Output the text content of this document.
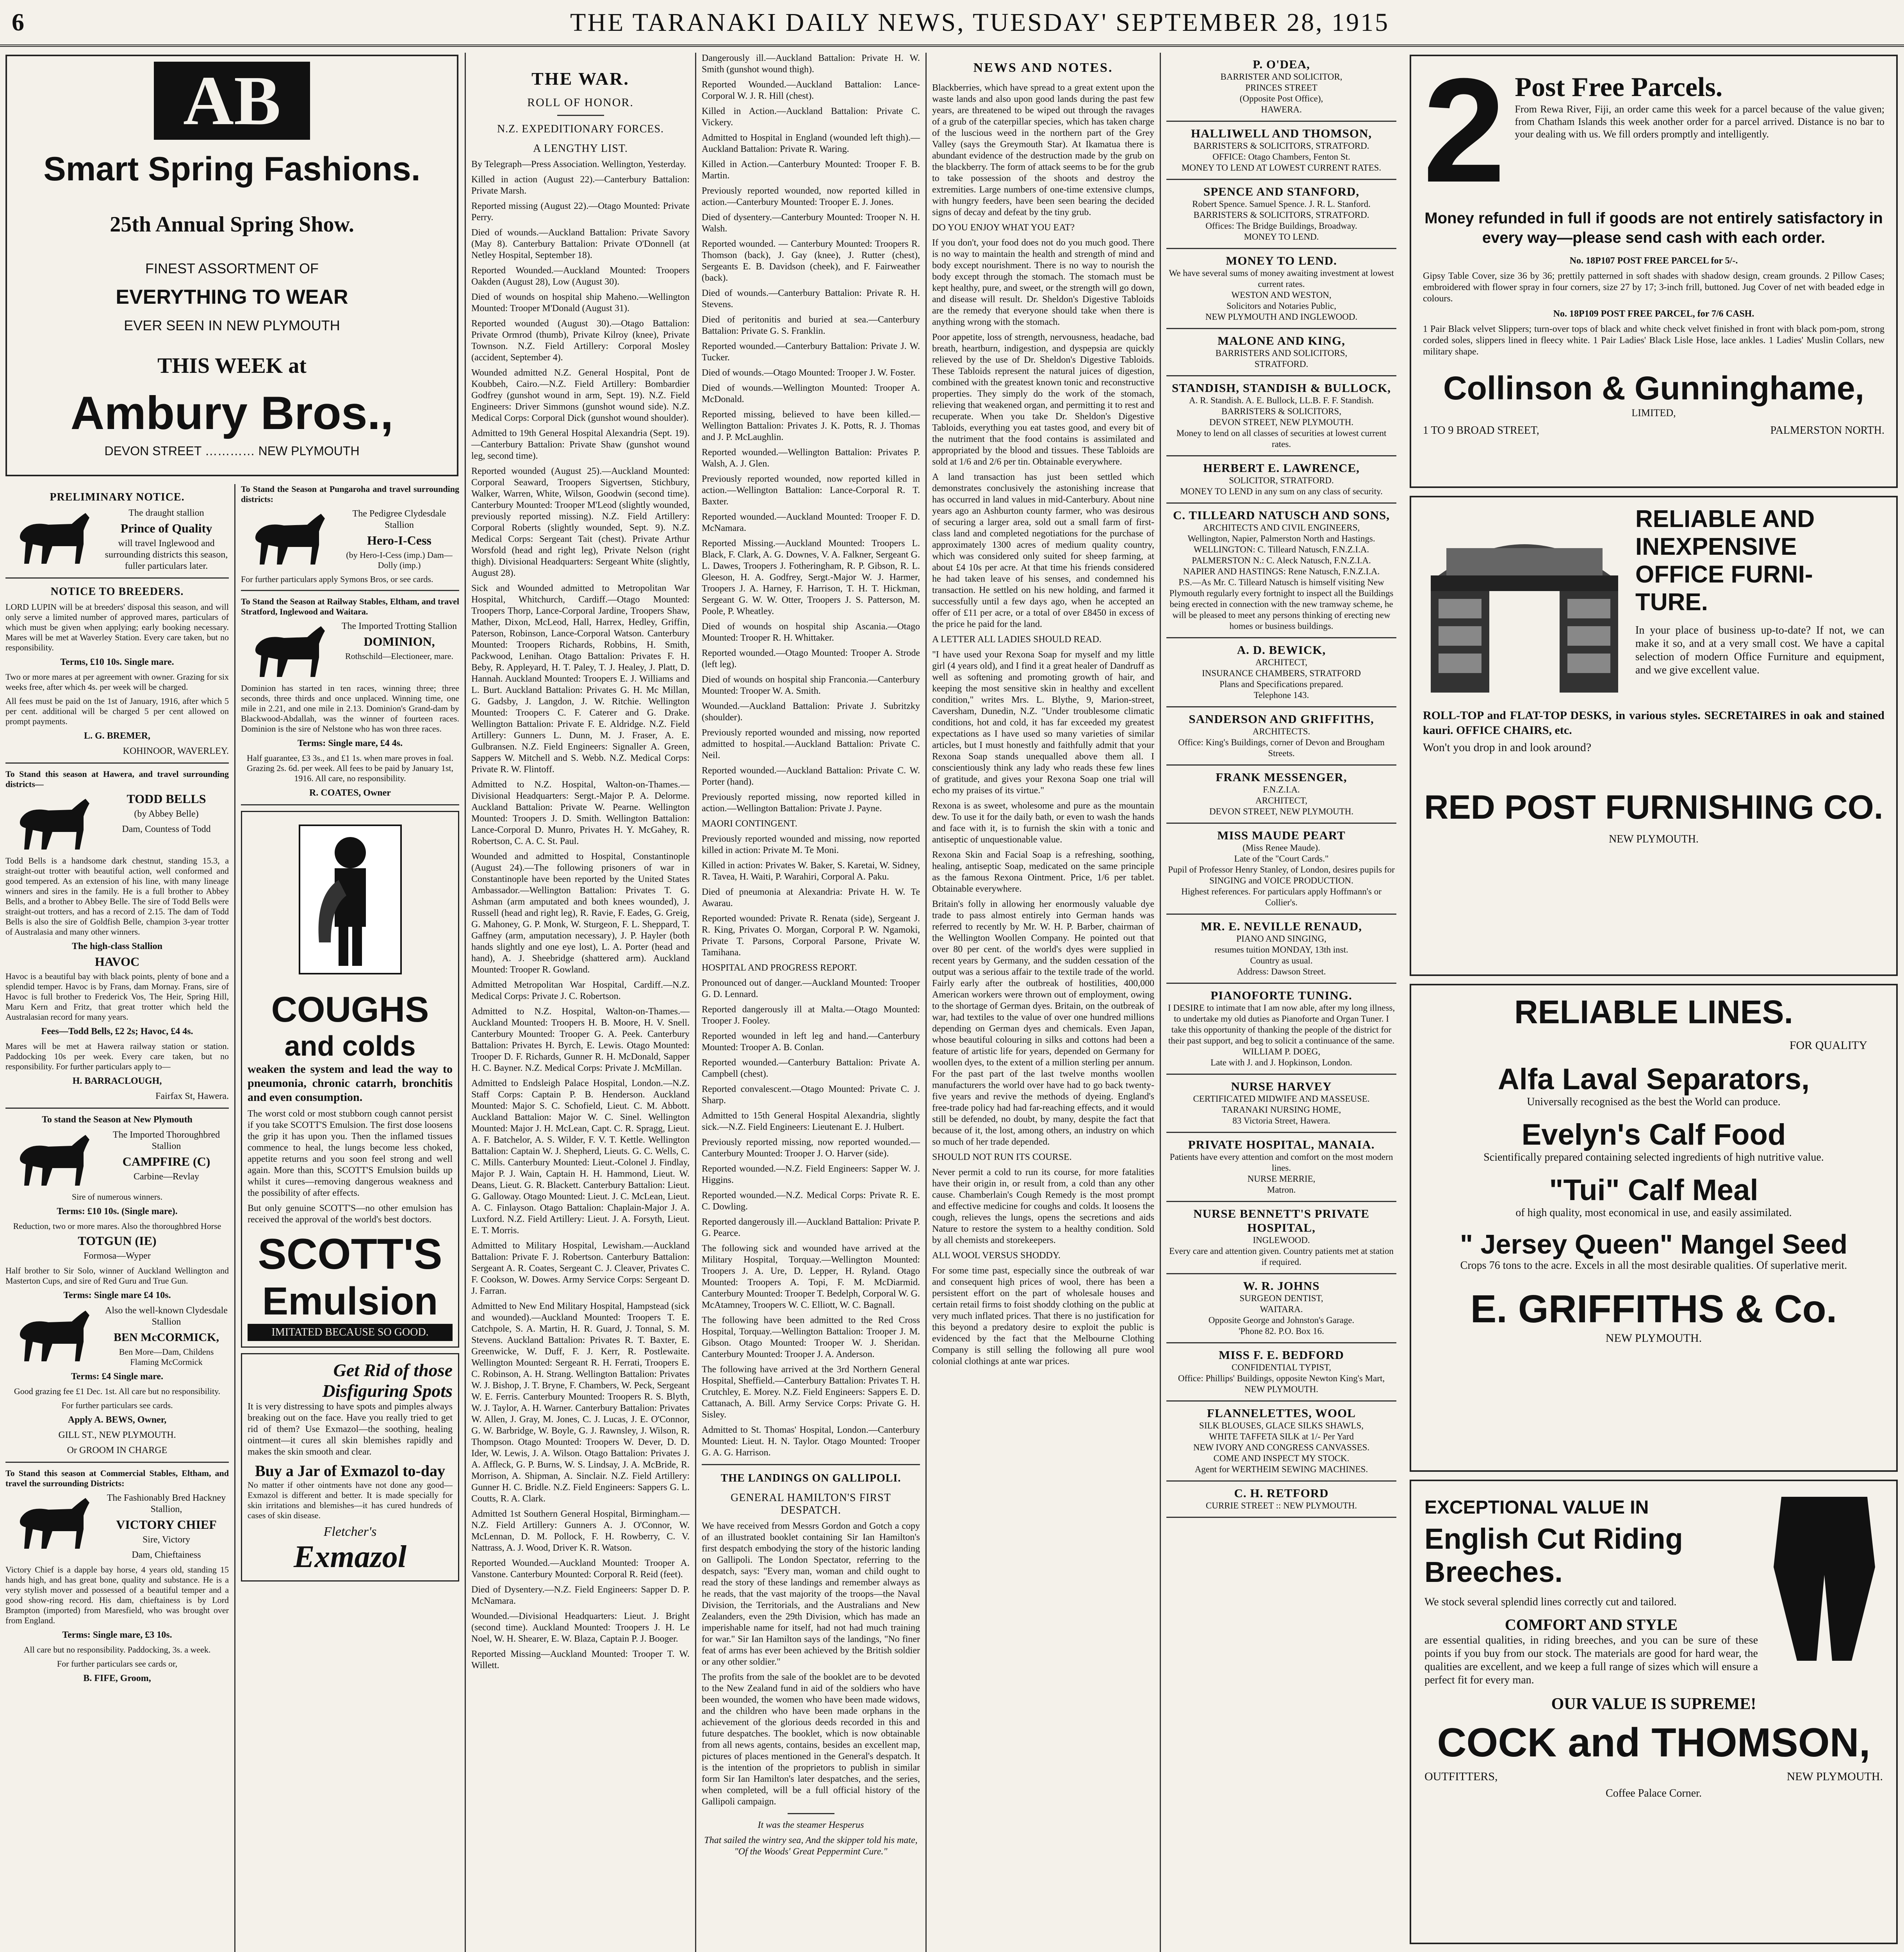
6	THE TARANAKI DAILY NEWS, TUESDAY' SEPTEMBER 28, 1915
AB
Smart Spring Fashions.
25th Annual Spring Show.
FINEST ASSORTMENT OF
EVERYTHING TO WEAR
EVER SEEN IN NEW PLYMOUTH
THIS WEEK at
Ambury Bros.,
DEVON STREET ………… NEW PLYMOUTH
PRELIMINARY NOTICE.

The draught stallion

Prince of Quality

will travel Inglewood and surrounding districts this season, fuller particulars later.

NOTICE TO BREEDERS.

LORD LUPIN will be at breeders' disposal this season, and will only serve a limited number of approved mares, particulars of which must be given when applying; early booking necessary. Mares will be met at Waverley Station. Every care taken, but no responsibility.

Terms, £10 10s. Single mare.

Two or more mares at per agreement with owner. Grazing for six weeks free, after which 4s. per week will be charged.

All fees must be paid on the 1st of January, 1916, after which 5 per cent. additional will be charged 5 per cent allowed on prompt payments.

L. G. BREMER,

KOHINOOR, WAVERLEY.

To Stand this season at Hawera, and travel surrounding districts—

TODD BELLS

(by Abbey Belle)

Dam, Countess of Todd

Todd Bells is a handsome dark chestnut, standing 15.3, a straight-out trotter with beautiful action, well conformed and good tempered. As an extension of his line, with many lineage winners and sires in the family. He is a full brother to Abbey Bells, and a brother to Abbey Belle. The sire of Todd Bells were straight-out trotters, and has a record of 2.15. The dam of Todd Bells is also the sire of Goldfish Belle, champion 3-year trotter of Australasia and many other winners.

The high-class Stallion

HAVOC

Havoc is a beautiful bay with black points, plenty of bone and a splendid temper. Havoc is by Frans, dam Mornay. Frans, sire of Havoc is full brother to Frederick Vos, The Heir, Spring Hill, Maru Kern and Fritz, that great trotter which held the Australasian record for many years.

Fees—Todd Bells, £2 2s; Havoc, £4 4s.

Mares will be met at Hawera railway station or station. Paddocking 10s per week. Every care taken, but no responsibility. For further particulars apply to—

H. BARRACLOUGH,

Fairfax St, Hawera.

To stand the Season at New Plymouth

The Imported Thoroughbred Stallion

CAMPFIRE (C)

Carbine—Revlay

Sire of numerous winners.

Terms: £10 10s. (Single mare).

Reduction, two or more mares. Also the thoroughbred Horse

TOTGUN (IE)

Formosa—Wyper

Half brother to Sir Solo, winner of Auckland Wellington and Masterton Cups, and sire of Red Guru and True Gun.

Terms: Single mare £4 10s.

Also the well-known Clydesdale Stallion

BEN McCORMICK,

Ben More—Dam, Childens Flaming McCormick

Terms: £4 Single mare.

Good grazing fee £1 Dec. 1st. All care but no responsibility.

For further particulars see cards.

Apply A. BEWS, Owner,

GILL ST., NEW PLYMOUTH.

Or GROOM IN CHARGE

To Stand this season at Commercial Stables, Eltham, and travel the surrounding Districts:

The Fashionably Bred Hackney Stallion,

VICTORY CHIEF

Sire, Victory

Dam, Chieftainess

Victory Chief is a dapple bay horse, 4 years old, standing 15 hands high, and has great bone, quality and substance. He is a very stylish mover and possessed of a beautiful temper and a good show-ring record. His dam, chieftainess is by Lord Brampton (imported) from Maresfield, who was brought over from England.

Terms: Single mare, £3 10s.

All care but no responsibility. Paddocking, 3s. a week.

For further particulars see cards or,

B. FIFE, Groom,

To Stand the Season at Pungaroha and travel surrounding districts:

The Pedigree Clydesdale Stallion

Hero-I-Cess

(by Hero-I-Cess (imp.) Dam—Dolly (imp.)

For further particulars apply Symons Bros, or see cards.

To Stand the Season at Railway Stables, Eltham, and travel Stratford, Inglewood and Waitara.

The Imported Trotting Stallion

DOMINION,

Rothschild—Electioneer, mare.

Dominion has started in ten races, winning three; three seconds, three thirds and once unplaced. Winning time, one mile in 2.21, and one mile in 2.13. Dominion's Grand-dam by Blackwood-Abdallah, was the winner of fourteen races. Dominion is the sire of Nelstone who has won three races.

Terms: Single mare, £4 4s.

Half guarantee, £3 3s., and £1 1s. when mare proves in foal. Grazing 2s. 6d. per week. All fees to be paid by January 1st, 1916. All care, no responsibility.

R. COATES, Owner

COUGHS
and colds

weaken the system and lead the way to pneumonia, chronic catarrh, bronchitis and even consumption.

The worst cold or most stubborn cough cannot persist if you take SCOTT'S Emulsion. The first dose loosens the grip it has upon you. Then the inflamed tissues commence to heal, the lungs become less choked, appetite returns and you soon feel strong and well again. More than this, SCOTT'S Emulsion builds up whilst it cures—removing dangerous weakness and the possibility of after effects.

But only genuine SCOTT'S—no other emulsion has received the approval of the world's best doctors.

SCOTT'S
Emulsion
IMITATED BECAUSE SO GOOD.
Get Rid of those Disfiguring Spots

It is very distressing to have spots and pimples always breaking out on the face. Have you really tried to get rid of them? Use Exmazol—the soothing, healing ointment—it cures all skin blemishes rapidly and makes the skin smooth and clear.

Buy a Jar of Exmazol to-day

No matter if other ointments have not done any good—Exmazol is different and better. It is made specially for skin irritations and blemishes—it has cured hundreds of cases of skin disease.

Fletcher's
Exmazol
THE WAR.
ROLL OF HONOR.
N.Z. EXPEDITIONARY FORCES.
A LENGTHY LIST.

By Telegraph—Press Association. Wellington, Yesterday.

Killed in action (August 22).—Canterbury Battalion: Private Marsh.

Reported missing (August 22).—Otago Mounted: Private Perry.

Died of wounds.—Auckland Battalion: Private Savory (May 8). Canterbury Battalion: Private O'Donnell (at Netley Hospital, September 18).

Reported Wounded.—Auckland Mounted: Troopers Oakden (August 28), Low (August 30).

Died of wounds on hospital ship Maheno.—Wellington Mounted: Trooper M'Donald (August 31).

Reported wounded (August 30).—Otago Battalion: Private Ormrod (thumb), Private Kilroy (knee), Private Townson. N.Z. Field Artillery: Corporal Mosley (accident, September 4).

Wounded admitted N.Z. General Hospital, Pont de Koubbeh, Cairo.—N.Z. Field Artillery: Bombardier Godfrey (gunshot wound in arm, Sept. 19). N.Z. Field Engineers: Driver Simmons (gunshot wound side). N.Z. Medical Corps: Corporal Dick (gunshot wound shoulder).

Admitted to 19th General Hospital Alexandria (Sept. 19).—Canterbury Battalion: Private Shaw (gunshot wound leg, second time).

Reported wounded (August 25).—Auckland Mounted: Corporal Seaward, Troopers Sigvertsen, Stichbury, Walker, Warren, White, Wilson, Goodwin (second time). Canterbury Mounted: Trooper M'Leod (slightly wounded, previously reported missing). N.Z. Field Artillery: Corporal Roberts (slightly wounded, Sept. 9). N.Z. Medical Corps: Sergeant Tait (chest). Private Arthur Worsfold (head and right leg), Private Nelson (right thigh). Divisional Headquarters: Sergeant White (slightly, August 28).

Sick and Wounded admitted to Metropolitan War Hospital, Whitchurch, Cardiff.—Otago Mounted: Troopers Thorp, Lance-Corporal Jardine, Troopers Shaw, Mather, Dixon, McLeod, Hall, Harrex, Hedley, Griffin, Paterson, Robinson, Lance-Corporal Watson. Canterbury Mounted: Troopers Richards, Robbins, H. Smith, Packwood, Lenihan. Otago Battalion: Privates F. H. Beby, R. Appleyard, H. T. Paley, T. J. Healey, J. Platt, D. Hannah. Auckland Mounted: Troopers E. J. Williams and L. Burt. Auckland Battalion: Privates G. H. Mc Millan, G. Gadsby, J. Langdon, J. W. Ritchie. Wellington Mounted: Troopers C. F. Caterer and G. Drake. Wellington Battalion: Private F. E. Aldridge. N.Z. Field Artillery: Gunners L. Dunn, M. J. Fraser, A. E. Gulbransen. N.Z. Field Engineers: Signaller A. Green, Sappers W. Mitchell and S. Webb. N.Z. Medical Corps: Private R. W. Flintoff.

Admitted to N.Z. Hospital, Walton-on-Thames.—Divisional Headquarters: Sergt.-Major P. A. Delorme. Auckland Battalion: Private W. Pearne. Wellington Mounted: Troopers J. D. Smith. Wellington Battalion: Lance-Corporal D. Munro, Privates H. Y. McGahey, R. Robertson, C. A. C. St. Paul.

Wounded and admitted to Hospital, Constantinople (August 24).—The following prisoners of war in Constantinople have been reported by the United States Ambassador.—Wellington Battalion: Privates T. G. Ashman (arm amputated and both knees wounded), J. Russell (head and right leg), R. Ravie, F. Eades, G. Greig, G. Mahoney, G. P. Monk, W. Sturgeon, F. L. Sheppard, T. Gaffney (arm, amputation necessary), J. P. Hayler (both hands slightly and one eye lost), L. A. Porter (head and hand), A. J. Sheebridge (shattered arm). Auckland Mounted: Trooper R. Gowland.

Admitted Metropolitan War Hospital, Cardiff.—N.Z. Medical Corps: Private J. C. Robertson.

Admitted to N.Z. Hospital, Walton-on-Thames.—Auckland Mounted: Troopers H. B. Moore, H. V. Snell. Canterbury Mounted: Trooper G. A. Peek. Canterbury Battalion: Privates H. Byrch, E. Lewis. Otago Mounted: Trooper D. F. Richards, Gunner R. H. McDonald, Sapper H. C. Bayner. N.Z. Medical Corps: Private J. McMillan.

Admitted to Endsleigh Palace Hospital, London.—N.Z. Staff Corps: Captain P. B. Henderson. Auckland Mounted: Major S. C. Schofield, Lieut. C. M. Abbott. Auckland Battalion: Major W. C. Sinel. Wellington Mounted: Major J. H. McLean, Capt. C. R. Spragg, Lieut. A. F. Batchelor, A. S. Wilder, F. V. T. Kettle. Wellington Battalion: Captain W. J. Shepherd, Lieuts. G. C. Wells, C. C. Mills. Canterbury Mounted: Lieut.-Colonel J. Findlay, Major P. J. Wain, Captain H. H. Hammond, Lieut. W. Deans, Lieut. G. R. Blackett. Canterbury Battalion: Lieut. G. Galloway. Otago Mounted: Lieut. J. C. McLean, Lieut. A. C. Finlayson. Otago Battalion: Chaplain-Major J. A. Luxford. N.Z. Field Artillery: Lieut. J. A. Forsyth, Lieut. E. T. Morris.

Admitted to Military Hospital, Lewisham.—Auckland Battalion: Private F. J. Robertson. Canterbury Battalion: Sergeant A. R. Coates, Sergeant C. J. Cleaver, Privates C. F. Cookson, W. Dowes. Army Service Corps: Sergeant D. J. Farran.

Admitted to New End Military Hospital, Hampstead (sick and wounded).—Auckland Mounted: Troopers T. E. Catchpole, S. A. Martin, H. R. Guard, J. Tonnal, S. M. Stevens. Auckland Battalion: Privates R. T. Baxter, E. Greenwicke, W. Duff, F. J. Kerr, R. Postlewaite. Wellington Mounted: Sergeant R. H. Ferrati, Troopers E. C. Robinson, A. H. Strang. Wellington Battalion: Privates W. J. Bishop, J. T. Bryne, F. Chambers, W. Peck, Sergeant W. E. Ferris. Canterbury Mounted: Troopers R. S. Blyth, W. J. Taylor, A. H. Warner. Canterbury Battalion: Privates W. Allen, J. Gray, M. Jones, C. J. Lucas, J. E. O'Connor, G. W. Barbridge, W. Boyle, G. J. Rawnsley, J. Wilson, R. Thompson. Otago Mounted: Troopers W. Dever, D. D. Ider, W. Lewis, J. A. Wilson. Otago Battalion: Privates J. A. Affleck, G. P. Burns, W. S. Lindsay, J. A. McBride, R. Morrison, A. Shipman, A. Sinclair. N.Z. Field Artillery: Gunner H. C. Bridle. N.Z. Field Engineers: Sappers G. L. Coutts, R. A. Clark.

Admitted 1st Southern General Hospital, Birmingham.—N.Z. Field Artillery: Gunners A. J. O'Connor, W. McLennan, D. M. Pollock, F. H. Rowberry, C. V. Nattrass, A. J. Wood, Driver K. R. Watson.

Reported Wounded.—Auckland Mounted: Trooper A. Vanstone. Canterbury Mounted: Corporal R. Reid (feet).

Died of Dysentery.—N.Z. Field Engineers: Sapper D. P. McNamara.

Wounded.—Divisional Headquarters: Lieut. J. Bright (second time). Auckland Mounted: Troopers J. H. Le Noel, W. H. Shearer, E. W. Blaza, Captain P. J. Booger.

Reported Missing—Auckland Mounted: Trooper T. W. Willett.

Dangerously ill.—Auckland Battalion: Private H. W. Smith (gunshot wound thigh).

Reported Wounded.—Auckland Battalion: Lance-Corporal W. J. R. Hill (chest).

Killed in Action.—Auckland Battalion: Private C. Vickery.

Admitted to Hospital in England (wounded left thigh).—Auckland Battalion: Private R. Waring.

Killed in Action.—Canterbury Mounted: Trooper F. B. Martin.

Previously reported wounded, now reported killed in action.—Canterbury Mounted: Trooper E. J. Jones.

Died of dysentery.—Canterbury Mounted: Trooper N. H. Walsh.

Reported wounded. — Canterbury Mounted: Troopers R. Thomson (back), J. Gay (knee), J. Rutter (chest), Sergeants E. B. Davidson (cheek), and F. Fairweather (back).

Died of wounds.—Canterbury Battalion: Private R. H. Stevens.

Died of peritonitis and buried at sea.—Canterbury Battalion: Private G. S. Franklin.

Reported wounded.—Canterbury Battalion: Private J. W. Tucker.

Died of wounds.—Otago Mounted: Trooper J. W. Foster.

Died of wounds.—Wellington Mounted: Trooper A. McDonald.

Reported missing, believed to have been killed.—Wellington Battalion: Privates J. K. Potts, R. J. Thomas and J. P. McLaughlin.

Reported wounded.—Wellington Battalion: Privates P. Walsh, A. J. Glen.

Previously reported wounded, now reported killed in action.—Wellington Battalion: Lance-Corporal R. T. Baxter.

Reported wounded.—Auckland Mounted: Trooper F. D. McNamara.

Reported Missing.—Auckland Mounted: Troopers L. Black, F. Clark, A. G. Downes, V. A. Falkner, Sergeant G. L. Dawes, Troopers J. Fotheringham, R. P. Gibson, R. L. Gleeson, H. A. Godfrey, Sergt.-Major W. J. Harmer, Troopers J. A. Harney, F. Harrison, T. H. T. Hickman, Sergeant G. W. W. Otter, Troopers J. S. Patterson, M. Poole, P. Wheatley.

Died of wounds on hospital ship Ascania.—Otago Mounted: Trooper R. H. Whittaker.

Reported wounded.—Otago Mounted: Trooper A. Strode (left leg).

Died of wounds on hospital ship Franconia.—Canterbury Mounted: Trooper W. A. Smith.

Wounded.—Auckland Battalion: Private J. Subritzky (shoulder).

Previously reported wounded and missing, now reported admitted to hospital.—Auckland Battalion: Private C. Neil.

Reported wounded.—Auckland Battalion: Private C. W. Porter (hand).

Previously reported missing, now reported killed in action.—Wellington Battalion: Private J. Payne.

MAORI CONTINGENT.

Previously reported wounded and missing, now reported killed in action: Private M. Te Moni.

Killed in action: Privates W. Baker, S. Karetai, W. Sidney, R. Tavea, H. Waiti, P. Warahiri, Corporal A. Paku.

Died of pneumonia at Alexandria: Private H. W. Te Awarau.

Reported wounded: Private R. Renata (side), Sergeant J. R. King, Privates O. Morgan, Corporal P. W. Ngamoki, Private T. Parsons, Corporal Parsone, Private W. Tamihana.

HOSPITAL AND PROGRESS REPORT.

Pronounced out of danger.—Auckland Mounted: Trooper G. D. Lennard.

Reported dangerously ill at Malta.—Otago Mounted: Trooper J. Fooley.

Reported wounded in left leg and hand.—Canterbury Mounted: Trooper A. B. Conlan.

Reported wounded.—Canterbury Battalion: Private A. Campbell (chest).

Reported convalescent.—Otago Mounted: Private C. J. Sharp.

Admitted to 15th General Hospital Alexandria, slightly sick.—N.Z. Field Engineers: Lieutenant E. J. Hulbert.

Previously reported missing, now reported wounded.—Canterbury Mounted: Trooper J. O. Harver (side).

Reported wounded.—N.Z. Field Engineers: Sapper W. J. Higgins.

Reported wounded.—N.Z. Medical Corps: Private R. E. C. Dowling.

Reported dangerously ill.—Auckland Battalion: Private P. G. Pearce.

The following sick and wounded have arrived at the Military Hospital, Torquay.—Wellington Mounted: Troopers J. A. Ure, D. Lepper, H. Ryland. Otago Mounted: Troopers A. Topi, F. M. McDiarmid. Canterbury Mounted: Trooper T. Bedelph, Corporal W. G. McAtamney, Troopers W. C. Elliott, W. C. Bagnall.

The following have been admitted to the Red Cross Hospital, Torquay.—Wellington Battalion: Trooper J. M. Gibson. Otago Mounted: Trooper W. J. Sheridan. Canterbury Mounted: Trooper J. A. Anderson.

The following have arrived at the 3rd Northern General Hospital, Sheffield.—Canterbury Battalion: Privates T. H. Crutchley, E. Morey. N.Z. Field Engineers: Sappers E. D. Cattanach, A. Bill. Army Service Corps: Private G. H. Sisley.

Admitted to St. Thomas' Hospital, London.—Canterbury Mounted: Lieut. H. N. Taylor. Otago Mounted: Trooper G. A. G. Harrison.

THE LANDINGS ON GALLIPOLI.
GENERAL HAMILTON'S FIRST DESPATCH.

We have received from Messrs Gordon and Gotch a copy of an illustrated booklet containing Sir Ian Hamilton's first despatch embodying the story of the historic landing on Gallipoli. The London Spectator, referring to the despatch, says: "Every man, woman and child ought to read the story of these landings and remember always as he reads, that the vast majority of the troops—the Naval Division, the Territorials, and the Australians and New Zealanders, even the 29th Division, which has made an imperishable name for itself, had not had much training for war." Sir Ian Hamilton says of the landings, "No finer feat of arms has ever been achieved by the British soldier or any other soldier."

The profits from the sale of the booklet are to be devoted to the New Zealand fund in aid of the soldiers who have been wounded, the women who have been made widows, and the children who have been made orphans in the achievement of the glorious deeds recorded in this and future despatches. The booklet, which is now obtainable from all news agents, contains, besides an excellent map, pictures of places mentioned in the General's despatch. It is the intention of the proprietors to publish in similar form Sir Ian Hamilton's later despatches, and the series, when completed, will be a full official history of the Gallipoli campaign.

It was the steamer Hesperus

That sailed the wintry sea, And the skipper told his mate, "Of the Woods' Great Peppermint Cure."

NEWS AND NOTES.

Blackberries, which have spread to a great extent upon the waste lands and also upon good lands during the past few years, are threatened to be wiped out through the ravages of a grub of the caterpillar species, which has taken charge of the luscious weed in the northern part of the Grey Valley (says the Greymouth Star). At Ikamatua there is abundant evidence of the destruction made by the grub on the blackberry. The form of attack seems to be for the grub to take possession of the shoots and destroy the extremities. Large numbers of one-time extensive clumps, with hungry feeders, have been seen bearing the decided signs of decay and defeat by the tiny grub.

DO YOU ENJOY WHAT YOU EAT?

If you don't, your food does not do you much good. There is no way to maintain the health and strength of mind and body except nourishment. There is no way to nourish the body except through the stomach. The stomach must be kept healthy, pure, and sweet, or the strength will go down, and disease will result. Dr. Sheldon's Digestive Tabloids are the remedy that everyone should take when there is anything wrong with the stomach.

Poor appetite, loss of strength, nervousness, headache, bad breath, heartburn, indigestion, and dyspepsia are quickly relieved by the use of Dr. Sheldon's Digestive Tabloids. These Tabloids represent the natural juices of digestion, combined with the greatest known tonic and reconstructive properties. They simply do the work of the stomach, relieving that weakened organ, and permitting it to rest and recuperate. When you take Dr. Sheldon's Digestive Tabloids, everything you eat tastes good, and every bit of the nutriment that the food contains is assimilated and appropriated by the blood and tissues. These Tabloids are sold at 1/6 and 2/6 per tin. Obtainable everywhere.

A land transaction has just been settled which demonstrates conclusively the astonishing increase that has occurred in land values in mid-Canterbury. About nine years ago an Ashburton county farmer, who was desirous of securing a larger area, sold out a small farm of first-class land and completed negotiations for the purchase of approximately 1300 acres of medium quality country, which was considered only suited for sheep farming, at about £4 10s per acre. At that time his friends considered he had taken leave of his senses, and condemned his transaction. He settled on his new holding, and farmed it successfully until a few days ago, when he accepted an offer of £11 per acre, or a total of over £8450 in excess of the price he paid for the land.

A LETTER ALL LADIES SHOULD READ.

"I have used your Rexona Soap for myself and my little girl (4 years old), and I find it a great healer of Dandruff as well as softening and promoting growth of hair, and keeping the most sensitive skin in healthy and excellent condition," writes Mrs. L. Blythe, 9, Marion-street, Caversham, Dunedin, N.Z. "Under troublesome climatic conditions, hot and cold, it has far exceeded my greatest expectations as I have used so many varieties of similar articles, but I must honestly and faithfully admit that your Rexona Soap stands unequalled above them all. I conscientiously think any lady who reads these few lines of gratitude, and gives your Rexona Soap one trial will echo my praises of its virtue."

Rexona is as sweet, wholesome and pure as the mountain dew. To use it for the daily bath, or even to wash the hands and face with it, is to furnish the skin with a tonic and antiseptic of unquestionable value.

Rexona Skin and Facial Soap is a refreshing, soothing, healing, antiseptic Soap, medicated on the same principle as the famous Rexona Ointment. Price, 1/6 per tablet. Obtainable everywhere.

Britain's folly in allowing her enormously valuable dye trade to pass almost entirely into German hands was referred to recently by Mr. W. H. P. Barber, chairman of the Wellington Woollen Company. He pointed out that over 80 per cent. of the world's dyes were supplied in recent years by Germany, and the sudden cessation of the output was a serious affair to the textile trade of the world. Fairly early after the outbreak of hostilities, 400,000 American workers were thrown out of employment, owing to the shortage of German dyes. Britain, on the outbreak of war, had textiles to the value of over one hundred millions depending on German dyes and chemicals. Even Japan, whose beautiful colouring in silks and cottons had been a feature of artistic life for years, depended on Germany for woollen dyes, to the extent of a million sterling per annum. For the past part of the last twelve months woollen manufacturers the world over have had to go back twenty-five years and revive the methods of dyeing. England's free-trade policy had had far-reaching effects, and it would still be defended, no doubt, by many, despite the fact that because of it, the lost, among others, an industry on which so much of her trade depended.

SHOULD NOT RUN ITS COURSE.

Never permit a cold to run its course, for more fatalities have their origin in, or result from, a cold than any other cause. Chamberlain's Cough Remedy is the most prompt and effective medicine for coughs and colds. It loosens the cough, relieves the lungs, opens the secretions and aids Nature to restore the system to a healthy condition. Sold by all chemists and storekeepers.

ALL WOOL VERSUS SHODDY.

For some time past, especially since the outbreak of war and consequent high prices of wool, there has been a persistent effort on the part of wholesale houses and certain retail firms to foist shoddy clothing on the public at very much inflated prices. That there is no justification for this beyond a predatory desire to exploit the public is evidenced by the fact that the Melbourne Clothing Company is still selling the following all pure wool colonial clothings at ante war prices.

P. O'DEA,
BARRISTER AND SOLICITOR,
PRINCES STREET
(Opposite Post Office),
HAWERA.
HALLIWELL AND THOMSON,
BARRISTERS & SOLICITORS, STRATFORD.
OFFICE: Otago Chambers, Fenton St.
MONEY TO LEND AT LOWEST CURRENT RATES.
SPENCE AND STANFORD,
Robert Spence. Samuel Spence. J. R. L. Stanford.
BARRISTERS & SOLICITORS, STRATFORD.
Offices: The Bridge Buildings, Broadway.
MONEY TO LEND.
MONEY TO LEND.
We have several sums of money awaiting investment at lowest current rates.
WESTON AND WESTON,
Solicitors and Notaries Public,
NEW PLYMOUTH AND INGLEWOOD.
MALONE AND KING,
BARRISTERS AND SOLICITORS,
STRATFORD.
STANDISH, STANDISH & BULLOCK,
A. R. Standish. A. E. Bullock, LL.B. F. F. Standish.
BARRISTERS & SOLICITORS,
DEVON STREET, NEW PLYMOUTH.
Money to lend on all classes of securities at lowest current rates.
HERBERT E. LAWRENCE,
SOLICITOR, STRATFORD.
MONEY TO LEND in any sum on any class of security.
C. TILLEARD NATUSCH AND SONS,
ARCHITECTS AND CIVIL ENGINEERS,
Wellington, Napier, Palmerston North and Hastings.
WELLINGTON: C. Tilleard Natusch, F.N.Z.I.A.
PALMERSTON N.: C. Aleck Natusch, F.N.Z.I.A.
NAPIER AND HASTINGS: Rene Natusch, F.N.Z.I.A.
P.S.—As Mr. C. Tilleard Natusch is himself visiting New Plymouth regularly every fortnight to inspect all the Buildings being erected in connection with the new tramway scheme, he will be pleased to meet any persons thinking of erecting new homes or business buildings.
A. D. BEWICK,
ARCHITECT,
INSURANCE CHAMBERS, STRATFORD
Plans and Specifications prepared.
Telephone 143.
SANDERSON AND GRIFFITHS,
ARCHITECTS.
Office: King's Buildings, corner of Devon and Brougham Streets.
FRANK MESSENGER,
F.N.Z.I.A.
ARCHITECT,
DEVON STREET, NEW PLYMOUTH.
MISS MAUDE PEART
(Miss Renee Maude).
Late of the "Court Cards."
Pupil of Professor Henry Stanley, of London, desires pupils for SINGING and VOICE PRODUCTION.
Highest references. For particulars apply Hoffmann's or Collier's.
MR. E. NEVILLE RENAUD,
PIANO AND SINGING,
resumes tuition MONDAY, 13th inst.
Country as usual.
Address: Dawson Street.
PIANOFORTE TUNING.
I DESIRE to intimate that I am now able, after my long illness, to undertake my old duties as Pianoforte and Organ Tuner. I take this opportunity of thanking the people of the district for their past support, and beg to solicit a continuance of the same.
WILLIAM P. DOEG,
Late with J. and J. Hopkinson, London.
NURSE HARVEY
CERTIFICATED MIDWIFE AND MASSEUSE.
TARANAKI NURSING HOME,
83 Victoria Street, Hawera.
PRIVATE HOSPITAL, MANAIA.
Patients have every attention and comfort on the most modern lines.
NURSE MERRIE,
Matron.
NURSE BENNETT'S PRIVATE HOSPITAL,
INGLEWOOD.
Every care and attention given. Country patients met at station if required.
W. R. JOHNS
SURGEON DENTIST,
WAITARA.
Opposite George and Johnston's Garage.
'Phone 82. P.O. Box 16.
MISS F. E. BEDFORD
CONFIDENTIAL TYPIST,
Office: Phillips' Buildings, opposite Newton King's Mart,
NEW PLYMOUTH.
FLANNELETTES, WOOL
SILK BLOUSES, GLACE SILKS SHAWLS,
WHITE TAFFETA SILK at 1/- Per Yard
NEW IVORY AND CONGRESS CANVASSES.
COME AND INSPECT MY STOCK.
Agent for WERTHEIM SEWING MACHINES.
C. H. RETFORD
CURRIE STREET :: NEW PLYMOUTH.
2 Post Free Parcels.

From Rewa River, Fiji, an order came this week for a parcel because of the value given; from Chatham Islands this week another order for a parcel arrived. Distance is no bar to your dealing with us. We fill orders promptly and intelligently.

Money refunded in full if goods are not entirely satisfactory in every way—please send cash with each order.

No. 18P107 POST FREE PARCEL for 5/-.

Gipsy Table Cover, size 36 by 36; prettily patterned in soft shades with shadow design, cream grounds. 2 Pillow Cases; embroidered with flower spray in four corners, size 27 by 17; 3-inch frill, buttoned. Jug Cover of net with beaded edge in colours.

No. 18P109 POST FREE PARCEL, for 7/6 CASH.

1 Pair Black velvet Slippers; turn-over tops of black and white check velvet finished in front with black pom-pom, strong corded soles, slippers lined in fleecy white. 1 Pair Ladies' Black Lisle Hose, lace ankles. 1 Ladies' Muslin Collars, new military shape.

Collinson & Gunninghame,
LIMITED,
1 TO 9 BROAD STREET,	PALMERSTON NORTH.
RELIABLE AND
INEXPENSIVE
OFFICE FURNI-
TURE.

In your place of business up-to-date? If not, we can make it so, and at a very small cost. We have a capital selection of modern Office Furniture and equipment, and we give excellent value.

ROLL-TOP and FLAT-TOP DESKS, in various styles. SECRETAIRES in oak and stained kauri. OFFICE CHAIRS, etc.

Won't you drop in and look around?

RED POST FURNISHING CO.
NEW PLYMOUTH.
RELIABLE LINES.
FOR QUALITY
Alfa Laval Separators,

Universally recognised as the best the World can produce.

Evelyn's Calf Food

Scientifically prepared containing selected ingredients of high nutritive value.

"Tui" Calf Meal

of high quality, most economical in use, and easily assimilated.

" Jersey Queen" Mangel Seed

Crops 76 tons to the acre. Excels in all the most desirable qualities. Of superlative merit.

E. GRIFFITHS & Co.
NEW PLYMOUTH.
EXCEPTIONAL VALUE IN
English Cut Riding Breeches.

We stock several splendid lines correctly cut and tailored.

COMFORT AND STYLE

are essential qualities, in riding breeches, and you can be sure of these points if you buy from our stock. The materials are good for hard wear, the qualities are excellent, and we keep a full range of sizes which will ensure a perfect fit for every man.

OUR VALUE IS SUPREME!
COCK and THOMSON,
OUTFITTERS,	NEW PLYMOUTH.
Coffee Palace Corner.
